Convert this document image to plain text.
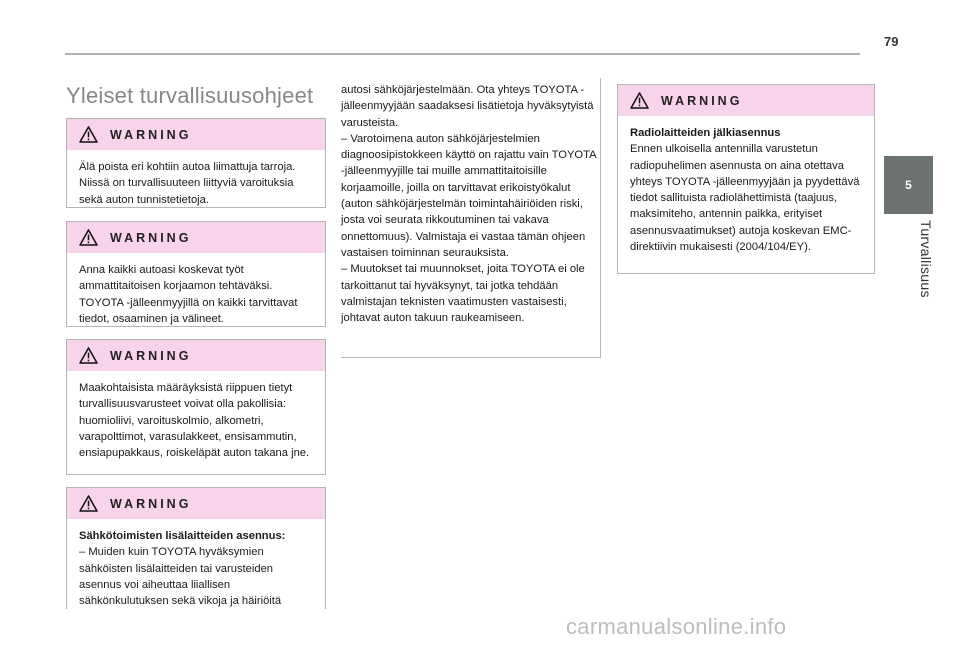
79
5
Turvallisuus
Yleiset turvallisuusohjeet
WARNING
Älä poista eri kohtiin autoa liimattuja tarroja. Niissä on turvallisuuteen liittyviä varoituksia sekä auton tunnistetietoja.
WARNING
Anna kaikki autoasi koskevat työt ammattitaitoisen korjaamon tehtäväksi. TOYOTA -jälleenmyyjillä on kaikki tarvittavat tiedot, osaaminen ja välineet.
WARNING
Maakohtaisista määräyksistä riippuen tietyt turvallisuusvarusteet voivat olla pakollisia: huomioliivi, varoituskolmio, alkometri, varapolttimot, varasulakkeet, ensisammutin, ensiapupakkaus, roiskeläpät auton takana jne.
WARNING
Sähkötoimisten lisälaitteiden asennus:
– Muiden kuin TOYOTA hyväksymien sähköisten lisälaitteiden tai varusteiden asennus voi aiheuttaa liiallisen sähkönkulutuksen sekä vikoja ja häiriöitä

autosi sähköjärjestelmään. Ota yhteys TOYOTA -jälleenmyyjään saadaksesi lisätietoja hyväksytyistä varusteista.

– Varotoimena auton sähköjärjestelmien diagnoosipistokkeen käyttö on rajattu vain TOYOTA -jälleenmyyjille tai muille ammattitaitoisille korjaamoille, joilla on tarvittavat erikoistyökalut (auton sähköjärjestelmän toimintahäiriöiden riski, josta voi seurata rikkoutuminen tai vakava onnettomuus). Valmistaja ei vastaa tämän ohjeen vastaisen toiminnan seurauksista.

– Muutokset tai muunnokset, joita TOYOTA ei ole tarkoittanut tai hyväksynyt, tai jotka tehdään valmistajan teknisten vaatimusten vastaisesti, johtavat auton takuun raukeamiseen.

WARNING
Radiolaitteiden jälkiasennus
Ennen ulkoisella antennilla varustetun radiopuhelimen asennusta on aina otettava yhteys TOYOTA -jälleenmyyjään ja pyydettävä tiedot sallituista radiolähettimistä (taajuus, maksimiteho, antennin paikka, erityiset asennusvaatimukset) autoja koskevan EMC-direktiivin mukaisesti (2004/104/EY).
carmanualsonline.info
